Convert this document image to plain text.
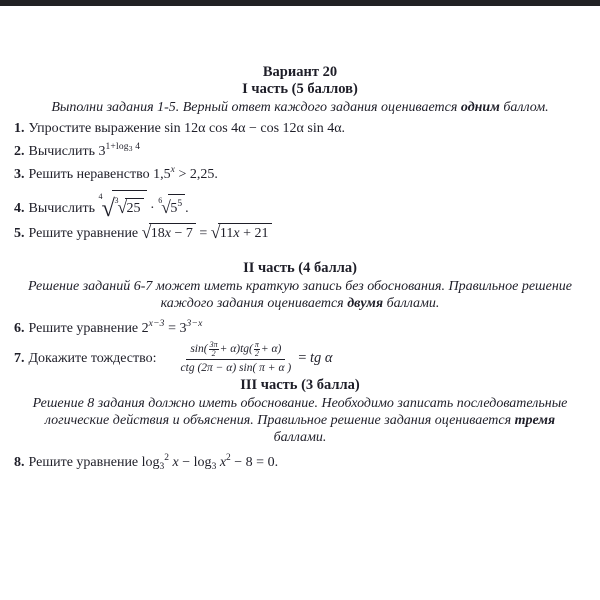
Вариант 20
I часть (5 баллов)
Выполни задания 1-5. Верный ответ каждого задания оценивается одним баллом.
1. Упростите выражение sin 12α cos 4α − cos 12α sin 4α.
2. Вычислить $3^{1+log_3 4}$
3. Решить неравенство $1,5^x > 2,25$.
4. Вычислить $4√3√25 \cdot 6√5^5$ .
5. Решите уравнение √18x − 7 = √11x + 21
II часть (4 балла)
Решение заданий 6-7 может иметь краткую запись без обоснования. Правильное решение каждого задания оценивается двумя баллами.
6. Решите уравнение $2^{x-3} = 3^{3-x}$
7. Докажите тождество: sin( 3π
2 + α)tg( π
2 + α)
ctg (2π − α) sin( π + α ) = tg α
III часть (3 балла)
Решение 8 задания должно иметь обоснование. Необходимо записать последовательные логические действия и объяснения. Правильное решение задания оценивается тремя баллами.
8. Решите уравнение $\log_3^2 x - \log_3 x^2 - 8 = 0$.
